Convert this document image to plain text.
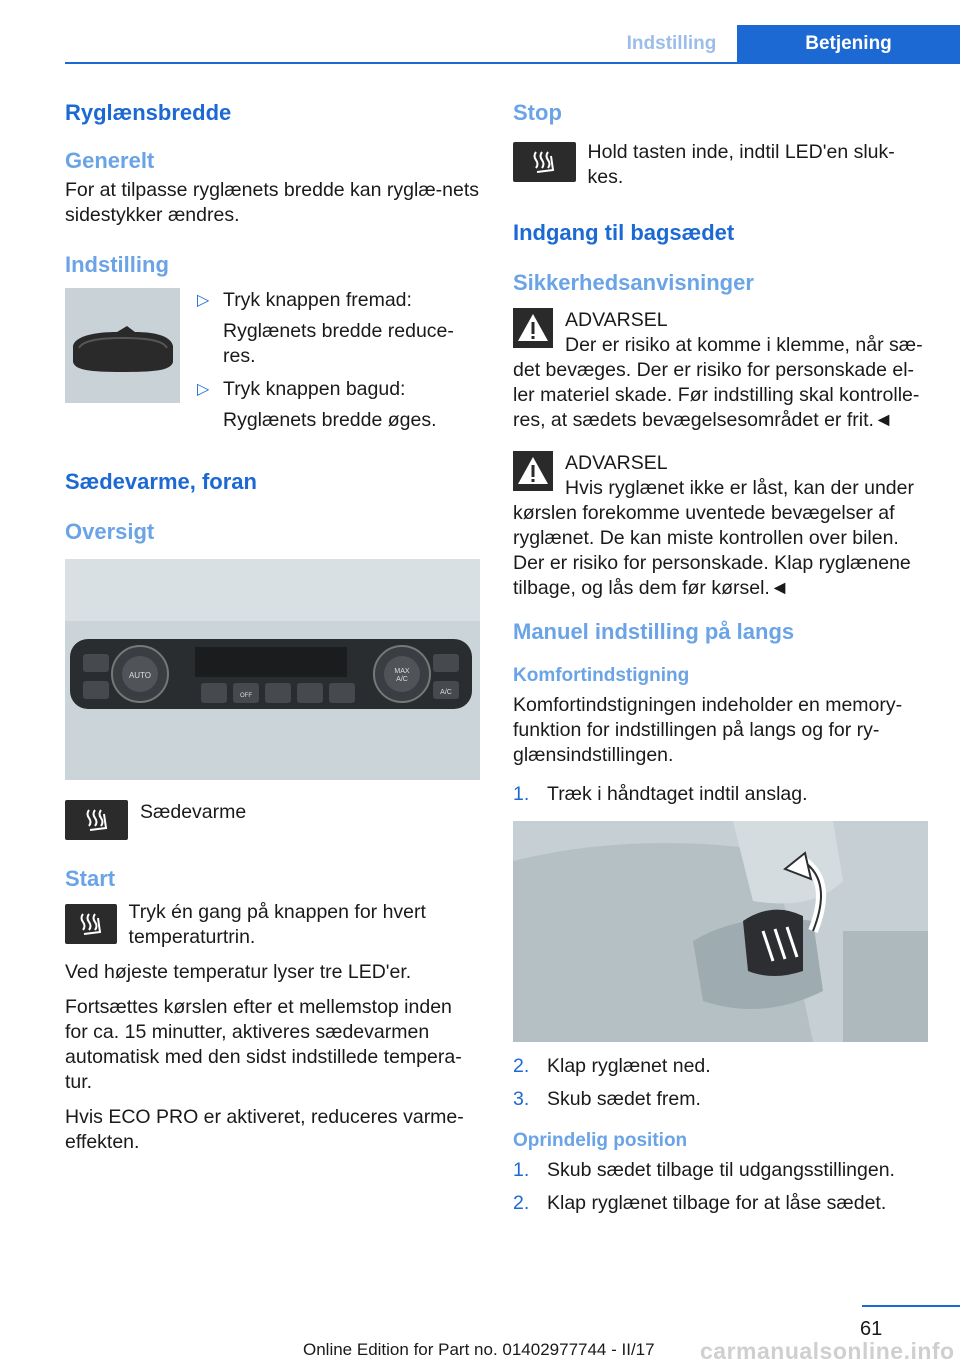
Indstilling	Betjening
Ryglænsbredde
Generelt

For at tilpasse ryglænets bredde kan ryglæ-nets sidestykker ændres.

Indstilling
▷ Tryk knappen fremad:
Ryglænets bredde reduce-res.
▷ Tryk knappen bagud:
Ryglænets bredde øges.
Sædevarme, foran
Oversigt
AUTO	MAX
A/C
A/C
OFF
Sædevarme
Start
Tryk én gang på knappen for hvert temperaturtrin.

Ved højeste temperatur lyser tre LED'er.

Fortsættes kørslen efter et mellemstop inden for ca. 15 minutter, aktiveres sædevarmen automatisk med den sidst indstillede tempera-tur.

Hvis ECO PRO er aktiveret, reduceres varme-effekten.

Stop
Hold tasten inde, indtil LED'en sluk-kes.
Indgang til bagsædet
Sikkerhedsanvisninger
ADVARSEL

Der er risiko at komme i klemme, når sæ-det bevæges. Der er risiko for personskade el-ler materiel skade. Før indstilling skal kontrolle-res, at sædets bevægelsesområdet er frit.◄

ADVARSEL

Hvis ryglænet ikke er låst, kan der under kørslen forekomme uventede bevægelser af ryglænet. De kan miste kontrollen over bilen. Der er risiko for personskade. Klap ryglænene tilbage, og lås dem før kørsel.◄

Manuel indstilling på langs
Komfortindstigning

Komfortindstigningen indeholder en memory-funktion for indstillingen på langs og for ry-glænsindstillingen.

1. Træk i håndtaget indtil anslag.
2. Klap ryglænet ned.
3. Skub sædet frem.
Oprindelig position
1. Skub sædet tilbage til udgangsstillingen.
2. Klap ryglænet tilbage for at låse sædet.
61
Online Edition for Part no. 01402977744 - II/17 carmanualsonline.info
